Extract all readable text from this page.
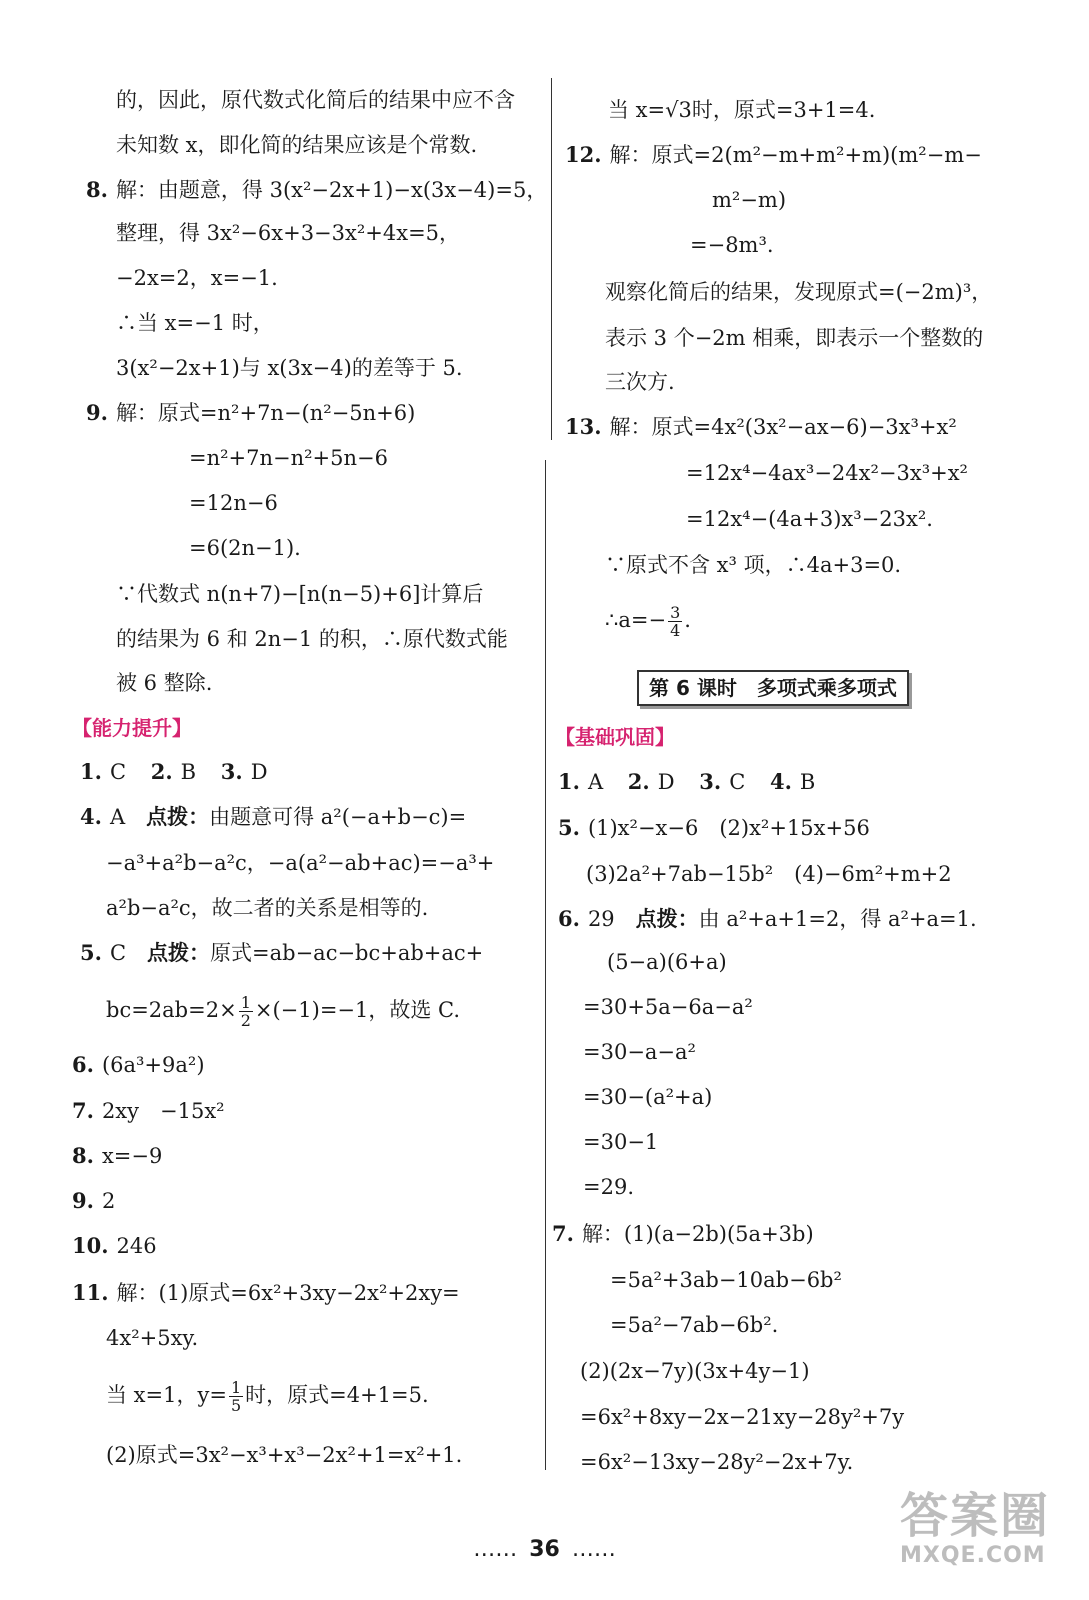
的，因此，原代数式化简后的结果中应不含
未知数 x，即化简的结果应该是个常数.
8. 解：由题意，得 3(x²−2x+1)−x(3x−4)=5，
整理，得 3x²−6x+3−3x²+4x=5，
−2x=2，x=−1.
∴当 x=−1 时，
3(x²−2x+1)与 x(3x−4)的差等于 5.
9. 解：原式=n²+7n−(n²−5n+6)
=n²+7n−n²+5n−6
=12n−6
=6(2n−1).
∵代数式 n(n+7)−[n(n−5)+6]计算后
的结果为 6 和 2n−1 的积，∴原代数式能
被 6 整除.
【能力提升】
1. C 2. B 3. D
4. A　 点拨：由题意可得 a²(−a+b−c)=
−a³+a²b−a²c，−a(a²−ab+ac)=−a³+
a²b−a²c，故二者的关系是相等的.
5. C　 点拨：原式=ab−ac−bc+ab+ac+
$bc=2ab=2\times \frac{1}{2} \times(-1)=-1$，故选 C.
6. (6a³+9a²)
7. 2xy　−15x²
8. x=−9
9. 2
10. 246
11. 解：(1)原式=6x²+3xy−2x²+2xy=
4x²+5xy.
当 x=1，$y= \frac{1}{5}$ 时，原式=4+1=5.
(2)原式=3x²−x³+x³−2x²+1=x²+1.
当 x=√3时，原式=3+1=4.
12. 解：原式=2(m²−m+m²+m)(m²−m−
m²−m)
=−8m³.
观察化简后的结果，发现原式=(−2m)³，
表示 3 个−2m 相乘，即表示一个整数的
三次方.
13. 解：原式=4x²(3x²−ax−6)−3x³+x²
=12x⁴−4ax³−24x²−3x³+x²
=12x⁴−(4a+3)x³−23x².
∵原式不含 x³ 项，∴4a+3=0.
∴a=− $\frac{3}{4}$ .
第 6 课时 多项式乘多项式
【基础巩固】
1. A 2. D 3. C 4. B
5. (1)x²−x−6　(2)x²+15x+56
(3)2a²+7ab−15b²　(4)−6m²+m+2
6. 29　 点拨：由 a²+a+1=2，得 a²+a=1.
(5−a)(6+a)
=30+5a−6a−a²
=30−a−a²
=30−(a²+a)
=30−1
=29.
7. 解：(1)(a−2b)(5a+3b)
=5a²+3ab−10ab−6b²
=5a²−7ab−6b².
(2)(2x−7y)(3x+4y−1)
=6x²+8xy−2x−21xy−28y²+7y
=6x²−13xy−28y²−2x+7y.
…… 36 ……
答案圈
MXQE.COM
